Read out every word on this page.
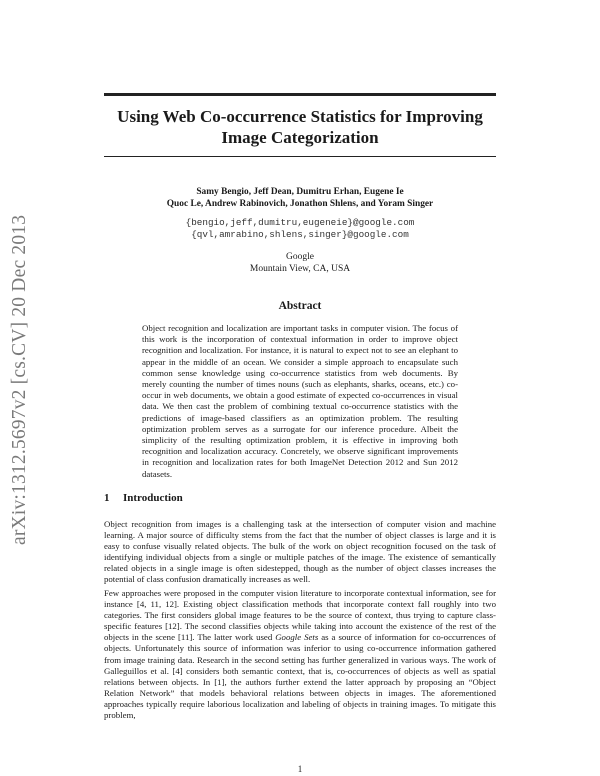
arXiv:1312.5697v2 [cs.CV] 20 Dec 2013
Using Web Co-occurrence Statistics for Improving
Image Categorization
Samy Bengio, Jeff Dean, Dumitru Erhan, Eugene Ie
Quoc Le, Andrew Rabinovich, Jonathon Shlens, and Yoram Singer
{bengio,jeff,dumitru,eugeneie}@google.com
{qvl,amrabino,shlens,singer}@google.com
Google
Mountain View, CA, USA
Abstract
Object recognition and localization are important tasks in computer vision. The focus of this work is the incorporation of contextual information in order to improve object recognition and localization. For instance, it is natural to expect not to see an elephant to appear in the middle of an ocean. We consider a simple approach to encapsulate such common sense knowledge using co-occurrence statistics from web documents. By merely counting the number of times nouns (such as elephants, sharks, oceans, etc.) co-occur in web documents, we obtain a good estimate of expected co-occurrences in visual data. We then cast the problem of combining textual co-occurrence statistics with the predictions of image-based classifiers as an optimization problem. The resulting optimization problem serves as a surrogate for our inference procedure. Albeit the simplicity of the resulting optimization problem, it is effective in improving both recognition and localization accuracy. Concretely, we observe significant improvements in recognition and localization rates for both ImageNet Detection 2012 and Sun 2012 datasets.
1 Introduction
Object recognition from images is a challenging task at the intersection of computer vision and machine learning. A major source of difficulty stems from the fact that the number of object classes is large and it is easy to confuse visually related objects. The bulk of the work on object recognition focused on the task of identifying individual objects from a single or multiple patches of the image. The existence of semantically related objects in a single image is often sidestepped, though as the number of object classes increases the potential of class confusion dramatically increases as well.
Few approaches were proposed in the computer vision literature to incorporate contextual information, see for instance [4, 11, 12]. Existing object classification methods that incorporate context fall roughly into two categories. The first considers global image features to be the source of context, thus trying to capture class-specific features [12]. The second classifies objects while taking into account the existence of the rest of the objects in the scene [11]. The latter work used Google Sets as a source of information for co-occurrences of objects. Unfortunately this source of information was inferior to using co-occurrence information gathered from image training data. Research in the second setting has further generalized in various ways. The work of Galleguillos et al. [4] considers both semantic context, that is, co-occurrences of objects as well as spatial relations between objects. In [1], the authors further extend the latter approach by proposing an “Object Relation Network” that models behavioral relations between objects in images. The aforementioned approaches typically require laborious localization and labeling of objects in training images. To mitigate this problem,
1
